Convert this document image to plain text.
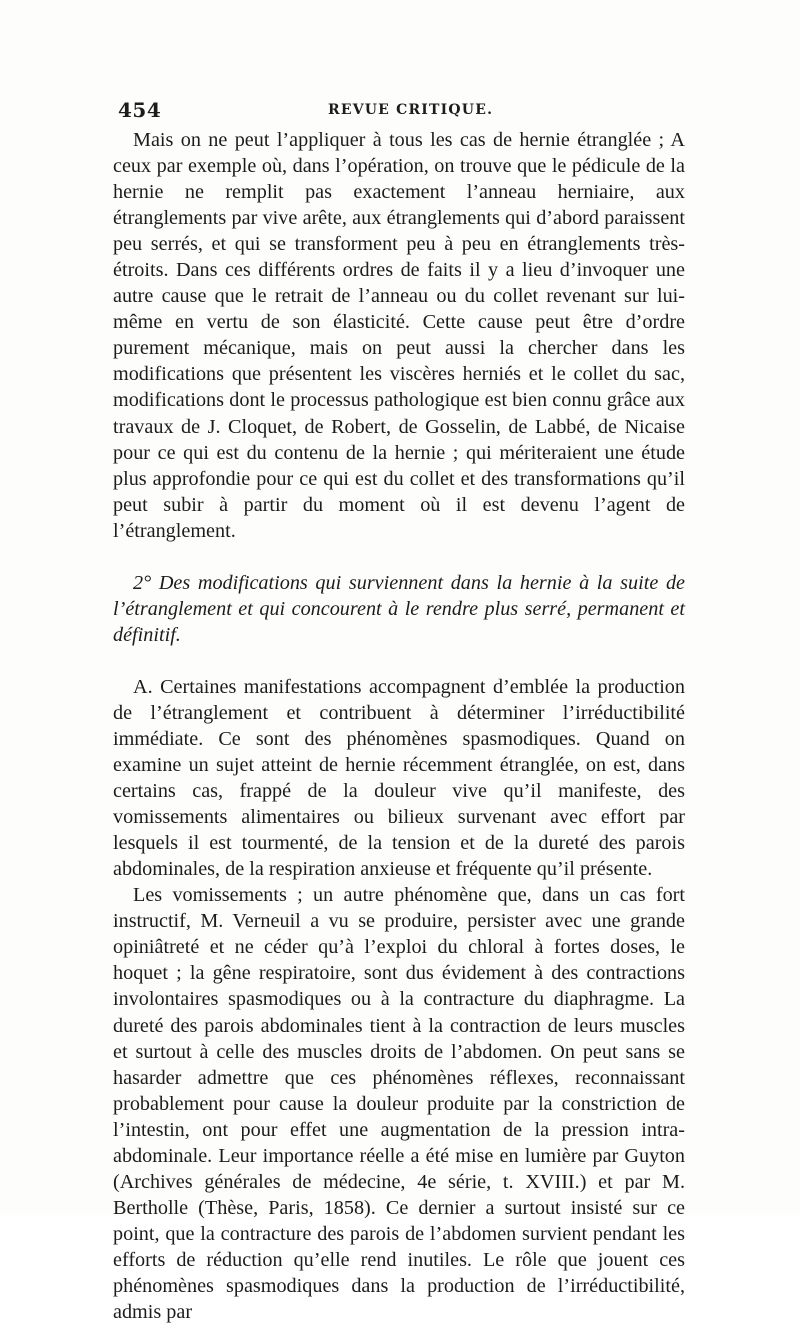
454	REVUE CRITIQUE.

Mais on ne peut l’appliquer à tous les cas de hernie étranglée ; A ceux par exemple où, dans l’opération, on trouve que le pédicule de la hernie ne remplit pas exactement l’anneau herniaire, aux étranglements par vive arête, aux étranglements qui d’abord paraissent peu serrés, et qui se transforment peu à peu en étranglements très-étroits. Dans ces différents ordres de faits il y a lieu d’invoquer une autre cause que le retrait de l’anneau ou du collet revenant sur lui-même en vertu de son élasticité. Cette cause peut être d’ordre purement mécanique, mais on peut aussi la chercher dans les modifications que présentent les viscères herniés et le collet du sac, modifications dont le processus pathologique est bien connu grâce aux travaux de J. Cloquet, de Robert, de Gosselin, de Labbé, de Nicaise pour ce qui est du contenu de la hernie ; qui mériteraient une étude plus approfondie pour ce qui est du collet et des transformations qu’il peut subir à partir du moment où il est devenu l’agent de l’étranglement.

2° Des modifications qui surviennent dans la hernie à la suite de l’étranglement et qui concourent à le rendre plus serré, permanent et définitif.

A. Certaines manifestations accompagnent d’emblée la production de l’étranglement et contribuent à déterminer l’irréductibilité immédiate. Ce sont des phénomènes spasmodiques. Quand on examine un sujet atteint de hernie récemment étranglée, on est, dans certains cas, frappé de la douleur vive qu’il manifeste, des vomissements alimentaires ou bilieux survenant avec effort par lesquels il est tourmenté, de la tension et de la dureté des parois abdominales, de la respiration anxieuse et fréquente qu’il présente.

Les vomissements ; un autre phénomène que, dans un cas fort instructif, M. Verneuil a vu se produire, persister avec une grande opiniâtreté et ne céder qu’à l’exploi du chloral à fortes doses, le hoquet ; la gêne respiratoire, sont dus évidement à des contractions involontaires spasmodiques ou à la contracture du diaphragme. La dureté des parois abdominales tient à la contraction de leurs muscles et surtout à celle des muscles droits de l’abdomen. On peut sans se hasarder admettre que ces phénomènes réflexes, reconnaissant probablement pour cause la douleur produite par la constriction de l’intestin, ont pour effet une augmentation de la pression intra-abdominale. Leur importance réelle a été mise en lumière par Guyton (Archives générales de médecine, 4e série, t. XVIII.) et par M. Bertholle (Thèse, Paris, 1858). Ce dernier a surtout insisté sur ce point, que la contracture des parois de l’abdomen survient pendant les efforts de réduction qu’elle rend inutiles. Le rôle que jouent ces phénomènes spasmodiques dans la production de l’irréductibilité, admis par
